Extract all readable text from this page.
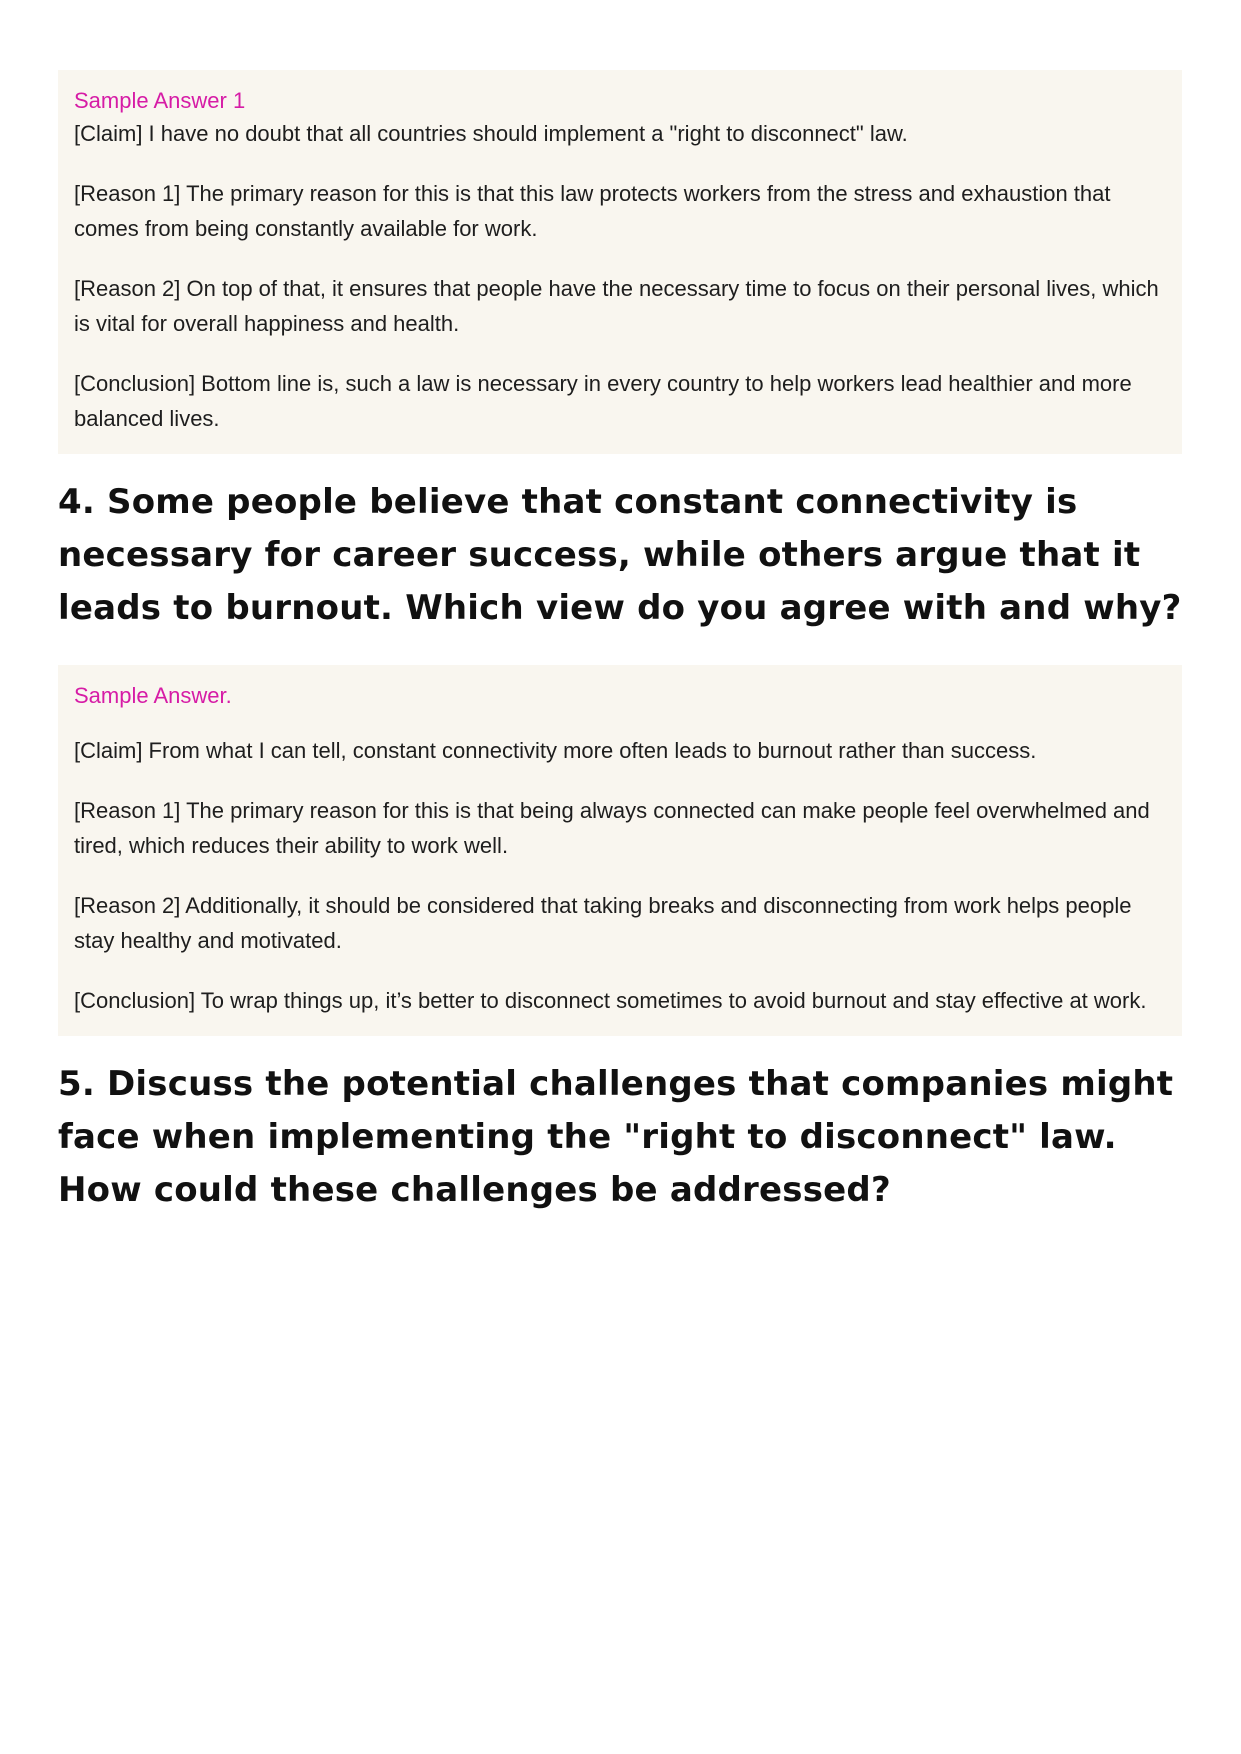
Sample Answer 1

[Claim] I have no doubt that all countries should implement a "right to disconnect" law.

[Reason 1] The primary reason for this is that this law protects workers from the stress and exhaustion that comes from being constantly available for work.

[Reason 2] On top of that, it ensures that people have the necessary time to focus on their personal lives, which is vital for overall happiness and health.

[Conclusion] Bottom line is, such a law is necessary in every country to help workers lead healthier and more balanced lives.

4. Some people believe that constant connectivity is necessary for career success, while others argue that it leads to burnout. Which view do you agree with and why?

Sample Answer.

[Claim] From what I can tell, constant connectivity more often leads to burnout rather than success.

[Reason 1] The primary reason for this is that being always connected can make people feel overwhelmed and tired, which reduces their ability to work well.

[Reason 2] Additionally, it should be considered that taking breaks and disconnecting from work helps people stay healthy and motivated.

[Conclusion] To wrap things up, it’s better to disconnect sometimes to avoid burnout and stay effective at work.

5. Discuss the potential challenges that companies might face when implementing the "right to disconnect" law. How could these challenges be addressed?
